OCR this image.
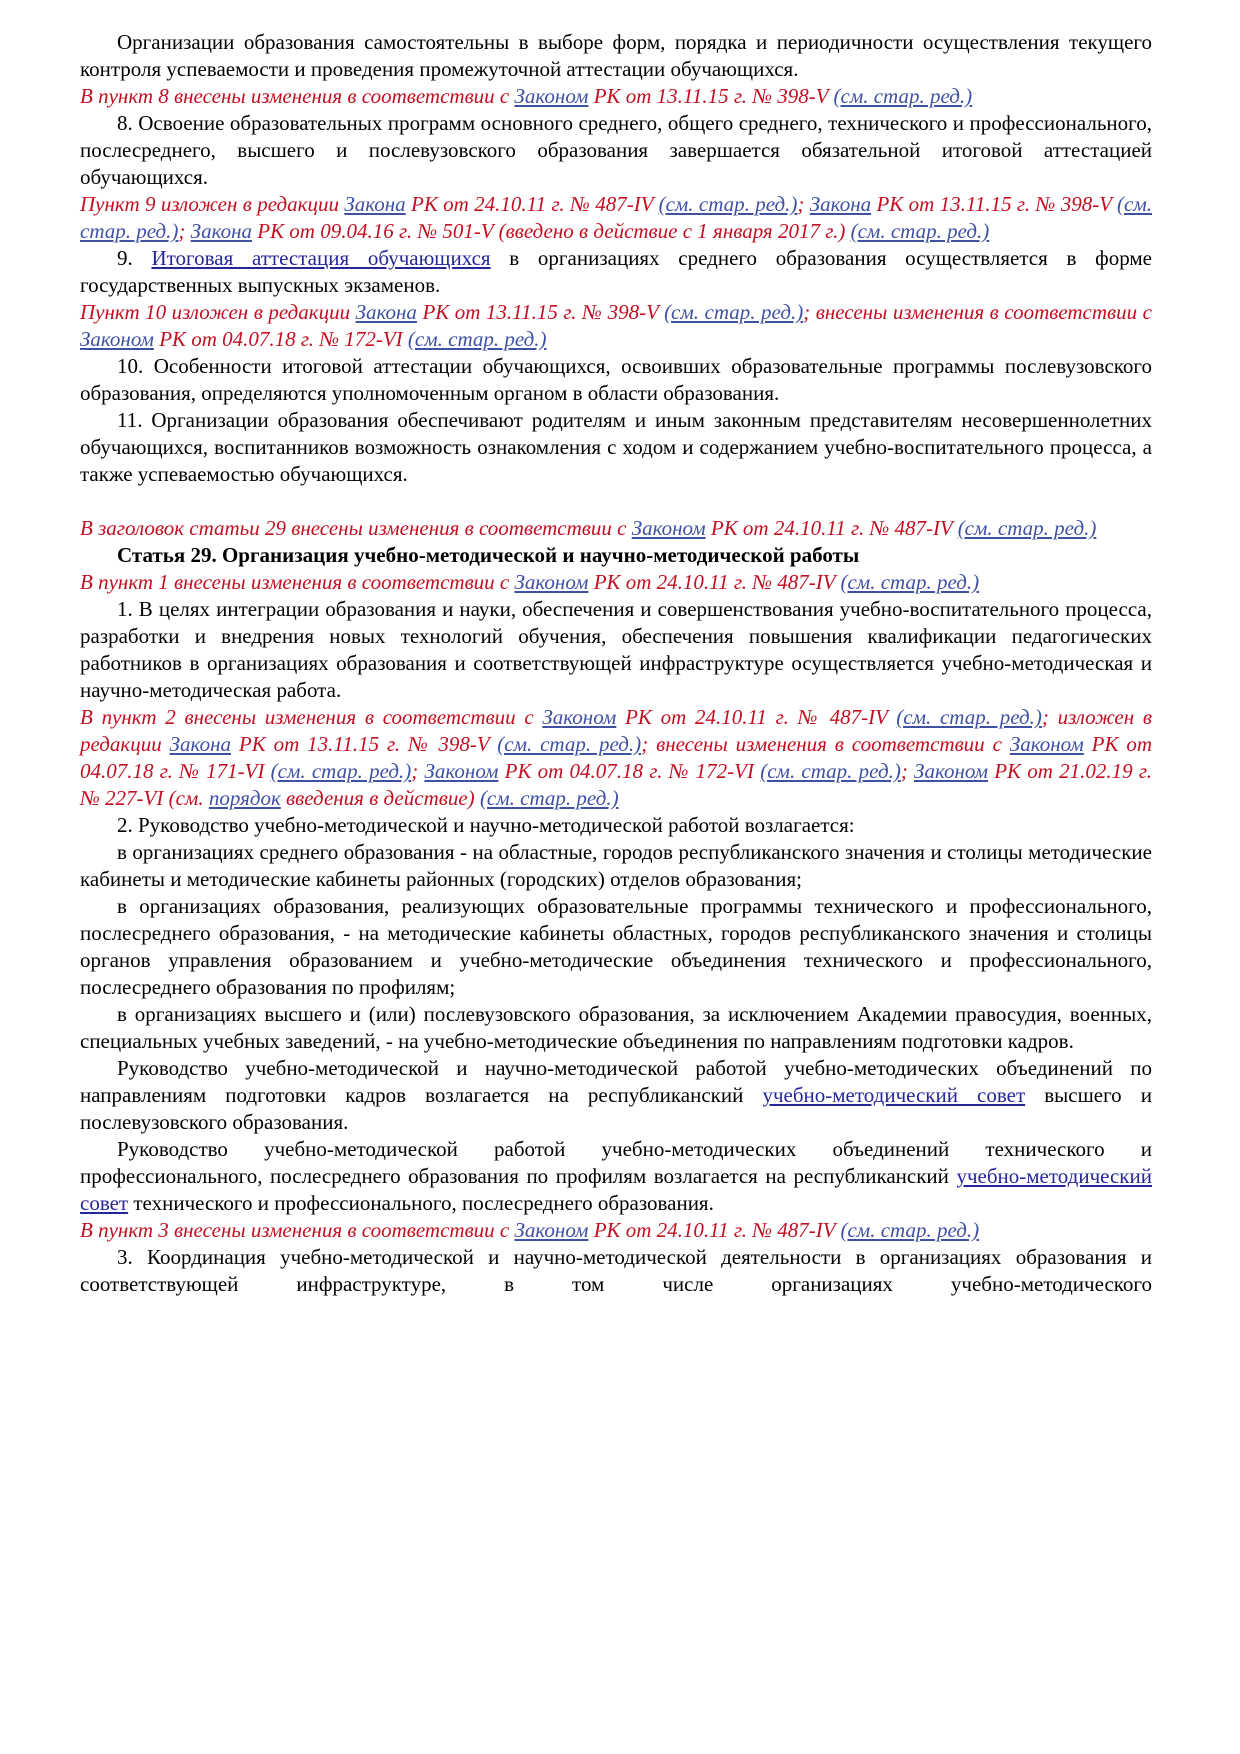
Организации образования самостоятельны в выборе форм, порядка и периодичности осуществления текущего контроля успеваемости и проведения промежуточной аттестации обучающихся.

В пункт 8 внесены изменения в соответствии с Законом РК от 13.11.15 г. № 398-V (см. стар. ред.)

8. Освоение образовательных программ основного среднего, общего среднего, технического и профессионального, послесреднего, высшего и послевузовского образования завершается обязательной итоговой аттестацией обучающихся.

Пункт 9 изложен в редакции Закона РК от 24.10.11 г. № 487-IV (см. стар. ред.); Закона РК от 13.11.15 г. № 398-V (см. стар. ред.); Закона РК от 09.04.16 г. № 501-V (введено в действие с 1 января 2017 г.) (см. стар. ред.)

9. Итоговая аттестация обучающихся в организациях среднего образования осуществляется в форме государственных выпускных экзаменов.

Пункт 10 изложен в редакции Закона РК от 13.11.15 г. № 398-V (см. стар. ред.); внесены изменения в соответствии с Законом РК от 04.07.18 г. № 172-VI (см. стар. ред.)

10. Особенности итоговой аттестации обучающихся, освоивших образовательные программы послевузовского образования, определяются уполномоченным органом в области образования.

11. Организации образования обеспечивают родителям и иным законным представителям несовершеннолетних обучающихся, воспитанников возможность ознакомления с ходом и содержанием учебно-воспитательного процесса, а также успеваемостью обучающихся.

В заголовок статьи 29 внесены изменения в соответствии с Законом РК от 24.10.11 г. № 487-IV (см. стар. ред.)

Статья 29. Организация учебно-методической и научно-методической работы

В пункт 1 внесены изменения в соответствии с Законом РК от 24.10.11 г. № 487-IV (см. стар. ред.)

1. В целях интеграции образования и науки, обеспечения и совершенствования учебно-воспитательного процесса, разработки и внедрения новых технологий обучения, обеспечения повышения квалификации педагогических работников в организациях образования и соответствующей инфраструктуре осуществляется учебно-методическая и научно-методическая работа.

В пункт 2 внесены изменения в соответствии с Законом РК от 24.10.11 г. № 487-IV (см. стар. ред.); изложен в редакции Закона РК от 13.11.15 г. № 398-V (см. стар. ред.); внесены изменения в соответствии с Законом РК от 04.07.18 г. № 171-VI (см. стар. ред.); Законом РК от 04.07.18 г. № 172-VI (см. стар. ред.); Законом РК от 21.02.19 г. № 227-VI (см. порядок введения в действие) (см. стар. ред.)

2. Руководство учебно-методической и научно-методической работой возлагается:

в организациях среднего образования - на областные, городов республиканского значения и столицы методические кабинеты и методические кабинеты районных (городских) отделов образования;

в организациях образования, реализующих образовательные программы технического и профессионального, послесреднего образования, - на методические кабинеты областных, городов республиканского значения и столицы органов управления образованием и учебно-методические объединения технического и профессионального, послесреднего образования по профилям;

в организациях высшего и (или) послевузовского образования, за исключением Академии правосудия, военных, специальных учебных заведений, - на учебно-методические объединения по направлениям подготовки кадров.

Руководство учебно-методической и научно-методической работой учебно-методических объединений по направлениям подготовки кадров возлагается на республиканский учебно-методический совет высшего и послевузовского образования.

Руководство учебно-методической работой учебно-методических объединений технического и профессионального, послесреднего образования по профилям возлагается на республиканский учебно-методический совет технического и профессионального, послесреднего образования.

В пункт 3 внесены изменения в соответствии с Законом РК от 24.10.11 г. № 487-IV (см. стар. ред.)

3. Координация учебно-методической и научно-методической деятельности в организациях образования и соответствующей инфраструктуре, в том числе организациях учебно-методического
